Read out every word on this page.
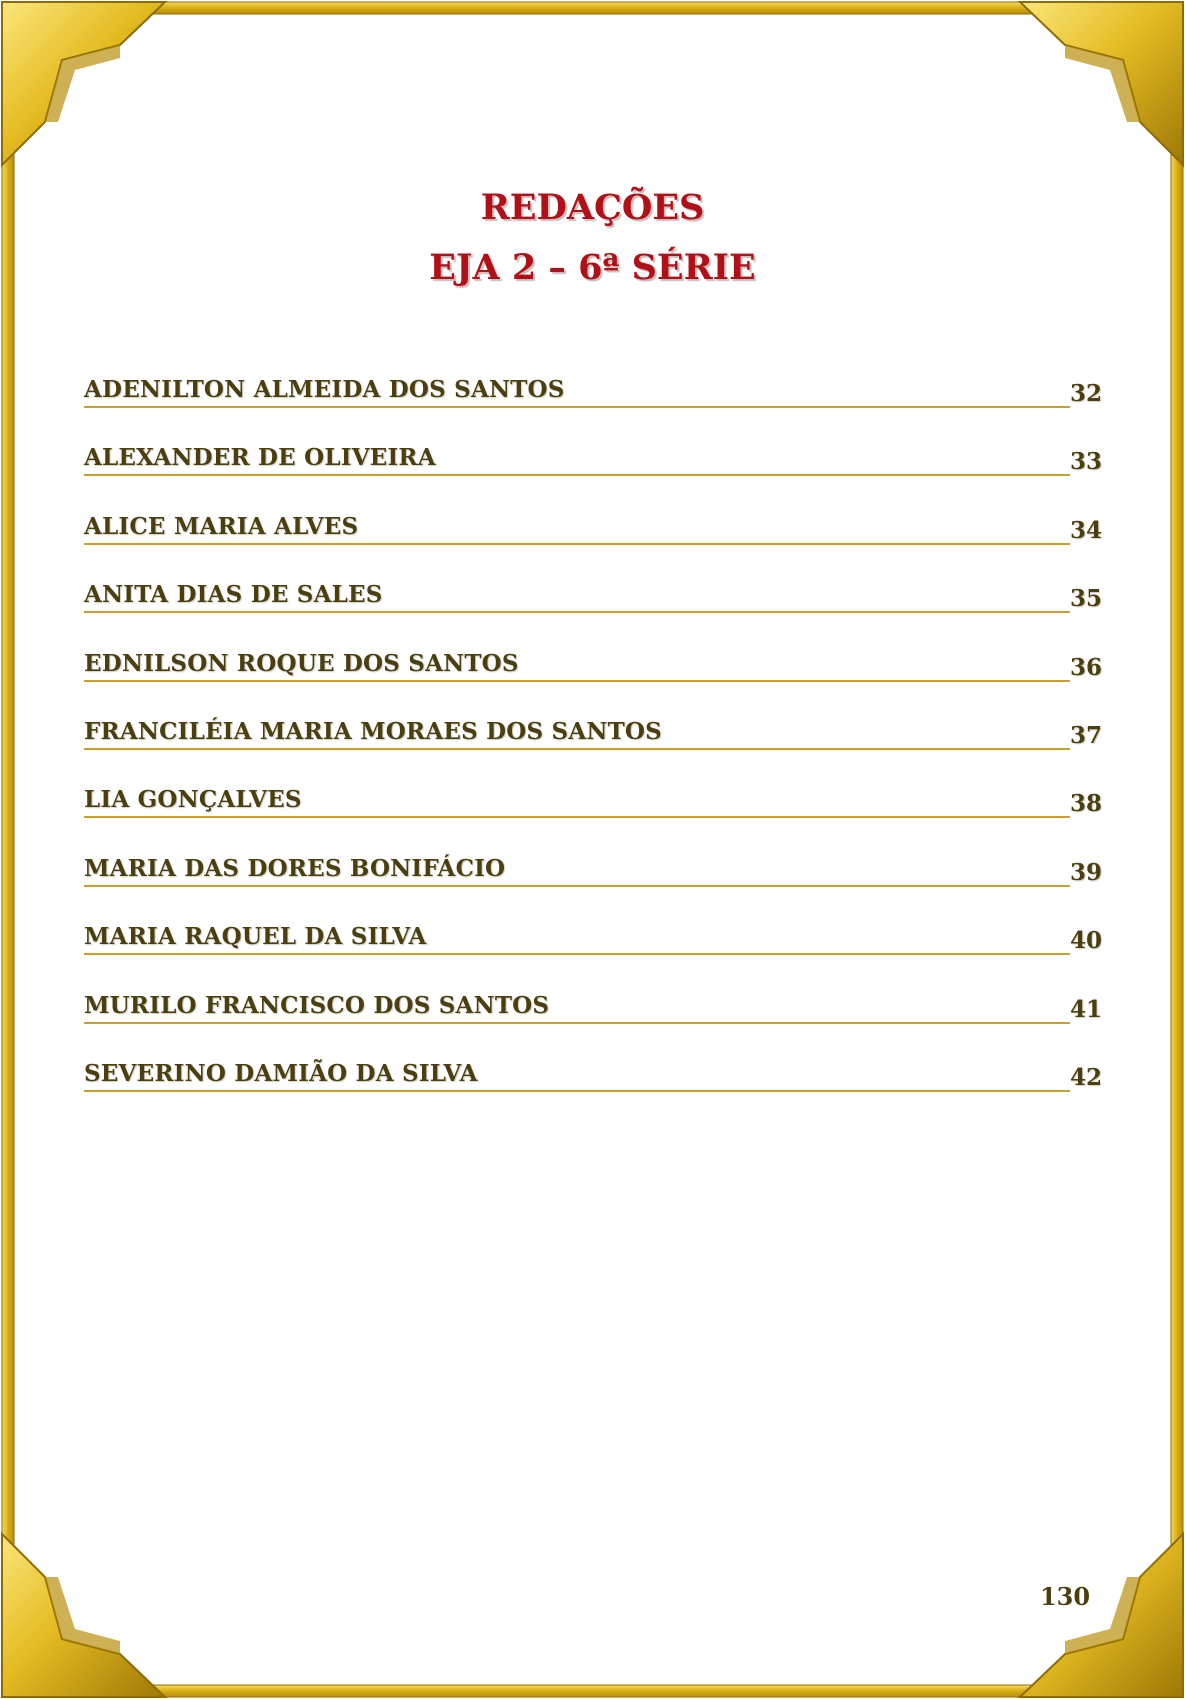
REDAÇÕES
EJA 2 – 6ª SÉRIE
ADENILTON ALMEIDA DOS SANTOS	32
ALEXANDER DE OLIVEIRA	33
ALICE MARIA ALVES	34
ANITA DIAS DE SALES	35
EDNILSON ROQUE DOS SANTOS	36
FRANCILÉIA MARIA MORAES DOS SANTOS	37
LIA GONÇALVES	38
MARIA DAS DORES BONIFÁCIO	39
MARIA RAQUEL DA SILVA	40
MURILO FRANCISCO DOS SANTOS	41
SEVERINO DAMIÃO DA SILVA	42
130
